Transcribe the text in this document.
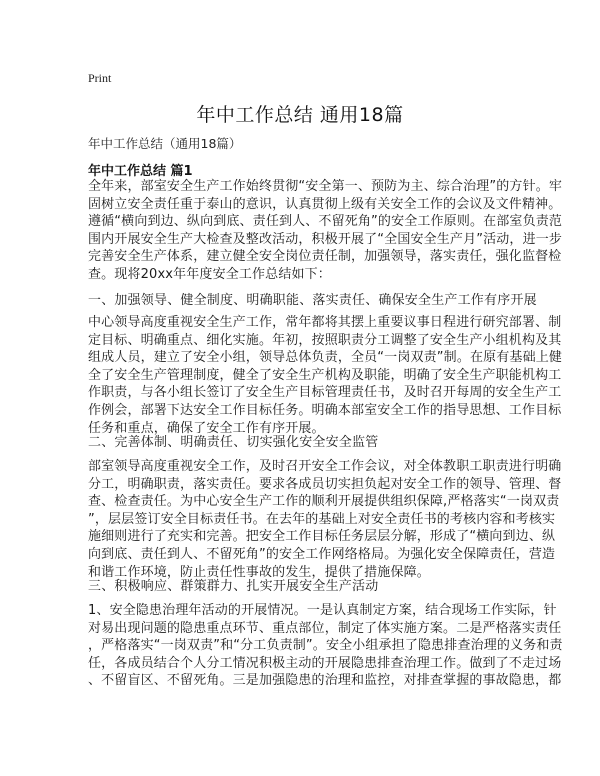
Print
年中工作总结 通用18篇
年中工作总结（通用18篇）
年中工作总结 篇1
全年来，部室安全生产工作始终贯彻“安全第一、预防为主、综合治理”的方针。牢
固树立安全责任重于泰山的意识，认真贯彻上级有关安全工作的会议及文件精神。
遵循“横向到边、纵向到底、责任到人、不留死角”的安全工作原则。在部室负责范
围内开展安全生产大检查及整改活动，积极开展了“全国安全生产月”活动，进一步
完善安全生产体系，建立健全安全岗位责任制，加强领导，落实责任，强化监督检
查。现将20xx年年度安全工作总结如下：
一、加强领导、健全制度、明确职能、落实责任、确保安全生产工作有序开展
中心领导高度重视安全生产工作，常年都将其摆上重要议事日程进行研究部署、制
定目标、明确重点、细化实施。年初，按照职责分工调整了安全生产小组机构及其
组成人员，建立了安全小组，领导总体负责，全员“一岗双责”制。在原有基础上健
全了安全生产管理制度，健全了安全生产机构及职能，明确了安全生产职能机构工
作职责，与各小组长签订了安全生产目标管理责任书，及时召开每周的安全生产工
作例会，部署下达安全工作目标任务。明确本部室安全工作的指导思想、工作目标
任务和重点，确保了安全工作有序开展。
二、完善体制、明确责任、切实强化安全安全监管
部室领导高度重视安全工作，及时召开安全工作会议，对全体教职工职责进行明确
分工，明确职责，落实责任。要求各成员切实担负起对安全工作的领导、管理、督
查、检查责任。为中心安全生产工作的顺利开展提供组织保障,严格落实“一岗双责
”，层层签订安全目标责任书。在去年的基础上对安全责任书的考核内容和考核实
施细则进行了充实和完善。把安全工作目标任务层层分解，形成了“横向到边、纵
向到底、责任到人、不留死角”的安全工作网络格局。为强化安全保障责任，营造
和谐工作环境，防止责任性事故的发生，提供了措施保障。
三、积极响应、群策群力、扎实开展安全生产活动
1、安全隐患治理年活动的开展情况。一是认真制定方案，结合现场工作实际，针
对易出现问题的隐患重点环节、重点部位，制定了体实施方案。二是严格落实责任
，严格落实“一岗双责”和“分工负责制”。安全小组承担了隐患排查治理的义务和责
任，各成员结合个人分工情况积极主动的开展隐患排查治理工作。做到了不走过场
、不留盲区、不留死角。三是加强隐患的治理和监控，对排查掌握的事故隐患，都
